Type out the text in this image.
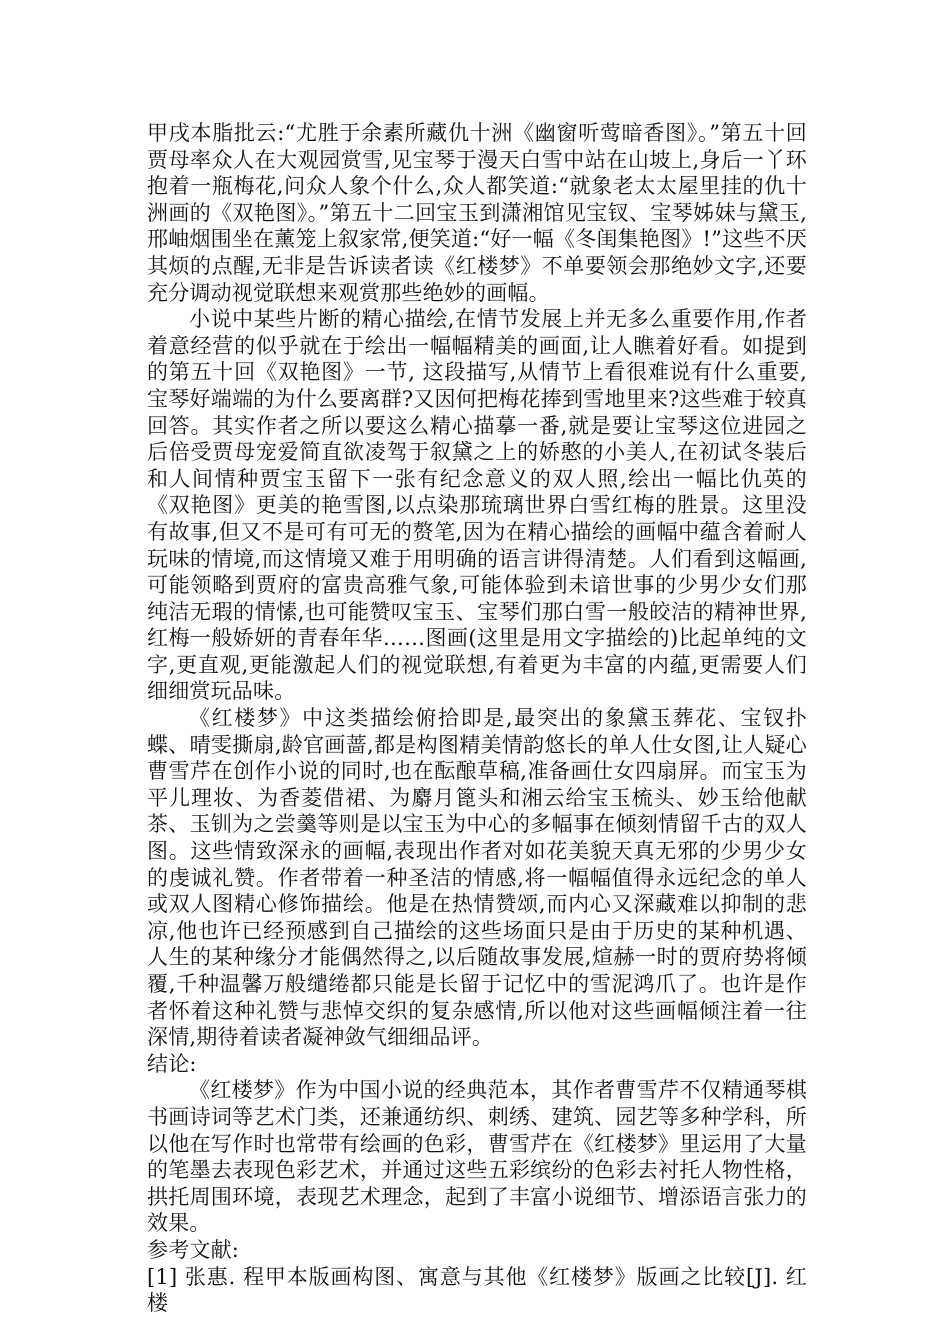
甲戌本脂批云:“尤胜于余素所藏仇十洲《幽窗听莺暗香图》。”第五十回贾母率众人在大观园赏雪,见宝琴于漫天白雪中站在山坡上,身后一丫环抱着一瓶梅花,问众人象个什么,众人都笑道:“就象老太太屋里挂的仇十洲画的《双艳图》。”第五十二回宝玉到潇湘馆见宝钗、宝琴姊妹与黛玉,邢岫烟围坐在薰笼上叙家常,便笑道:“好一幅《冬闺集艳图》!”这些不厌其烦的点醒,无非是告诉读者读《红楼梦》不单要领会那绝妙文字,还要充分调动视觉联想来观赏那些绝妙的画幅。

小说中某些片断的精心描绘,在情节发展上并无多么重要作用,作者着意经营的似乎就在于绘出一幅幅精美的画面,让人瞧着好看。如提到的第五十回《双艳图》一节, 这段描写,从情节上看很难说有什么重要,宝琴好端端的为什么要离群?又因何把梅花捧到雪地里来?这些难于较真回答。其实作者之所以要这么精心描摹一番,就是要让宝琴这位进园之后倍受贾母宠爱简直欲凌驾于叙黛之上的娇憨的小美人,在初试冬装后和人间情种贾宝玉留下一张有纪念意义的双人照,绘出一幅比仇英的《双艳图》更美的艳雪图,以点染那琉璃世界白雪红梅的胜景。这里没有故事,但又不是可有可无的赘笔,因为在精心描绘的画幅中蕴含着耐人玩味的情境,而这情境又难于用明确的语言讲得清楚。人们看到这幅画,可能领略到贾府的富贵高雅气象,可能体验到未谙世事的少男少女们那纯洁无瑕的情愫,也可能赞叹宝玉、宝琴们那白雪一般皎洁的精神世界,红梅一般娇妍的青春年华……图画(这里是用文字描绘的)比起单纯的文字,更直观,更能激起人们的视觉联想,有着更为丰富的内蕴,更需要人们细细赏玩品味。

《红楼梦》中这类描绘俯拾即是,最突出的象黛玉葬花、宝钗扑蝶、晴雯撕扇,龄官画蔷,都是构图精美情韵悠长的单人仕女图,让人疑心曹雪芹在创作小说的同时,也在酝酿草稿,准备画仕女四扇屏。而宝玉为平儿理妆、为香菱借裙、为麝月篦头和湘云给宝玉梳头、妙玉给他献茶、玉钏为之尝羹等则是以宝玉为中心的多幅事在倾刻情留千古的双人图。这些情致深永的画幅,表现出作者对如花美貌天真无邪的少男少女的虔诚礼赞。作者带着一种圣洁的情感,将一幅幅值得永远纪念的单人或双人图精心修饰描绘。他是在热情赞颂,而内心又深藏难以抑制的悲凉,他也许已经预感到自己描绘的这些场面只是由于历史的某种机遇、人生的某种缘分才能偶然得之,以后随故事发展,煊赫一时的贾府势将倾覆,千种温馨万般缱绻都只能是长留于记忆中的雪泥鸿爪了。也许是作者怀着这种礼赞与悲悼交织的复杂感情,所以他对这些画幅倾注着一往深情,期待着读者凝神敛气细细品评。

结论:

《红楼梦》作为中国小说的经典范本，其作者曹雪芹不仅精通琴棋书画诗词等艺术门类，还兼通纺织、刺绣、建筑、园艺等多种学科，所以他在写作时也常带有绘画的色彩，曹雪芹在《红楼梦》里运用了大量的笔墨去表现色彩艺术，并通过这些五彩缤纷的色彩去衬托人物性格，拱托周围环境，表现艺术理念，起到了丰富小说细节、增添语言张力的效果。

参考文献:

[1] 张惠. 程甲本版画构图、寓意与其他《红楼梦》版画之比较[J]. 红楼
